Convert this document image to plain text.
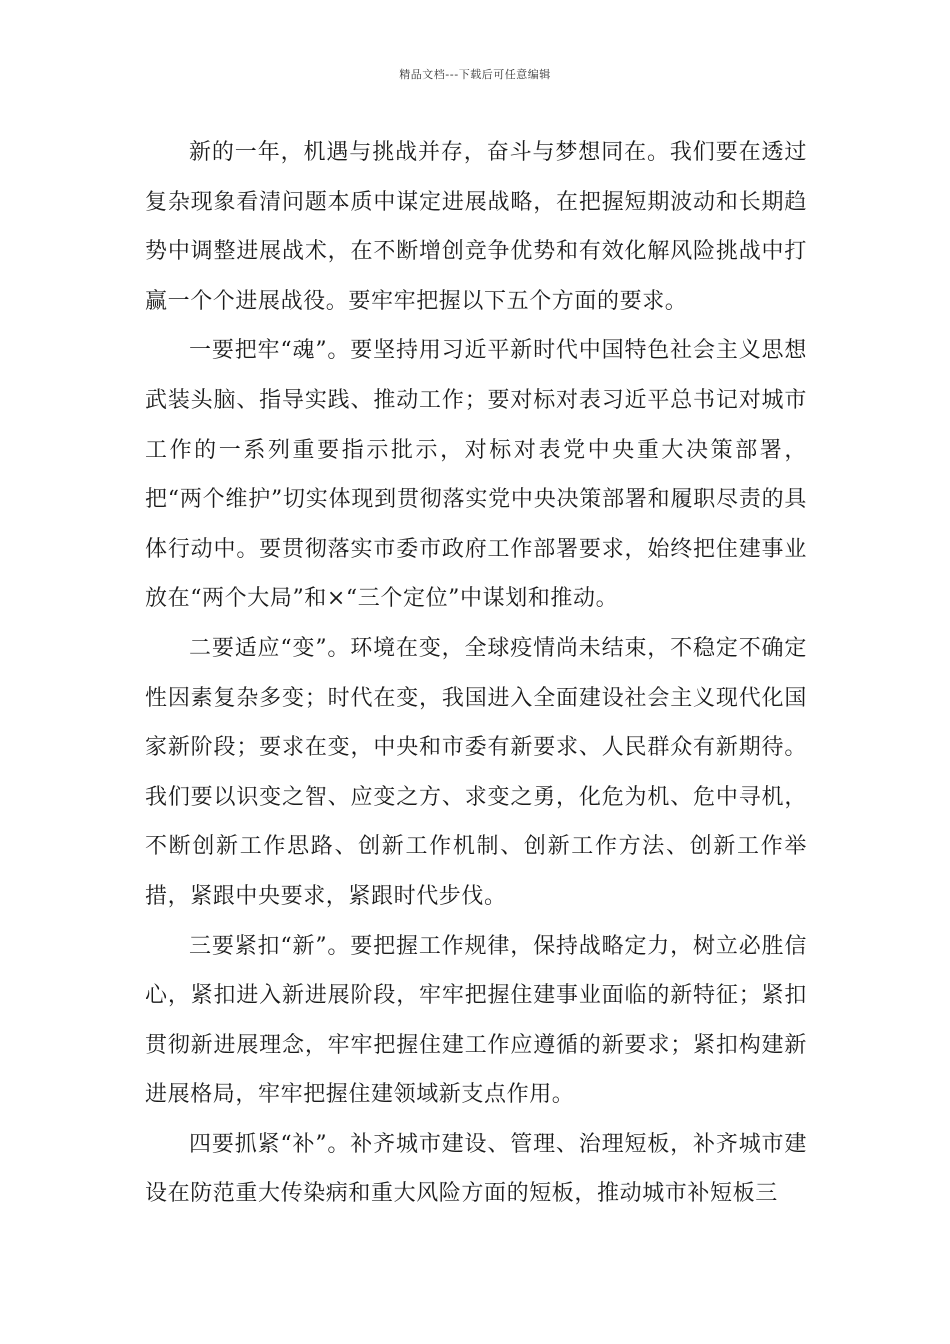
精品文档---下载后可任意编辑

新的一年，机遇与挑战并存，奋斗与梦想同在。我们要在透过复杂现象看清问题本质中谋定进展战略，在把握短期波动和长期趋势中调整进展战术，在不断增创竞争优势和有效化解风险挑战中打赢一个个进展战役。要牢牢把握以下五个方面的要求。

一要把牢“魂”。要坚持用习近平新时代中国特色社会主义思想武装头脑、指导实践、推动工作；要对标对表习近平总书记对城市工作的一系列重要指示批示，对标对表党中央重大决策部署，把“两个维护”切实体现到贯彻落实党中央决策部署和履职尽责的具体行动中。要贯彻落实市委市政府工作部署要求，始终把住建事业放在“两个大局”和×“三个定位”中谋划和推动。

二要适应“变”。环境在变，全球疫情尚未结束，不稳定不确定性因素复杂多变；时代在变，我国进入全面建设社会主义现代化国家新阶段；要求在变，中央和市委有新要求、人民群众有新期待。我们要以识变之智、应变之方、求变之勇，化危为机、危中寻机，不断创新工作思路、创新工作机制、创新工作方法、创新工作举措，紧跟中央要求，紧跟时代步伐。

三要紧扣“新”。要把握工作规律，保持战略定力，树立必胜信心，紧扣进入新进展阶段，牢牢把握住建事业面临的新特征；紧扣贯彻新进展理念，牢牢把握住建工作应遵循的新要求；紧扣构建新进展格局，牢牢把握住建领域新支点作用。

四要抓紧“补”。补齐城市建设、管理、治理短板，补齐城市建设在防范重大传染病和重大风险方面的短板，推动城市补短板三
